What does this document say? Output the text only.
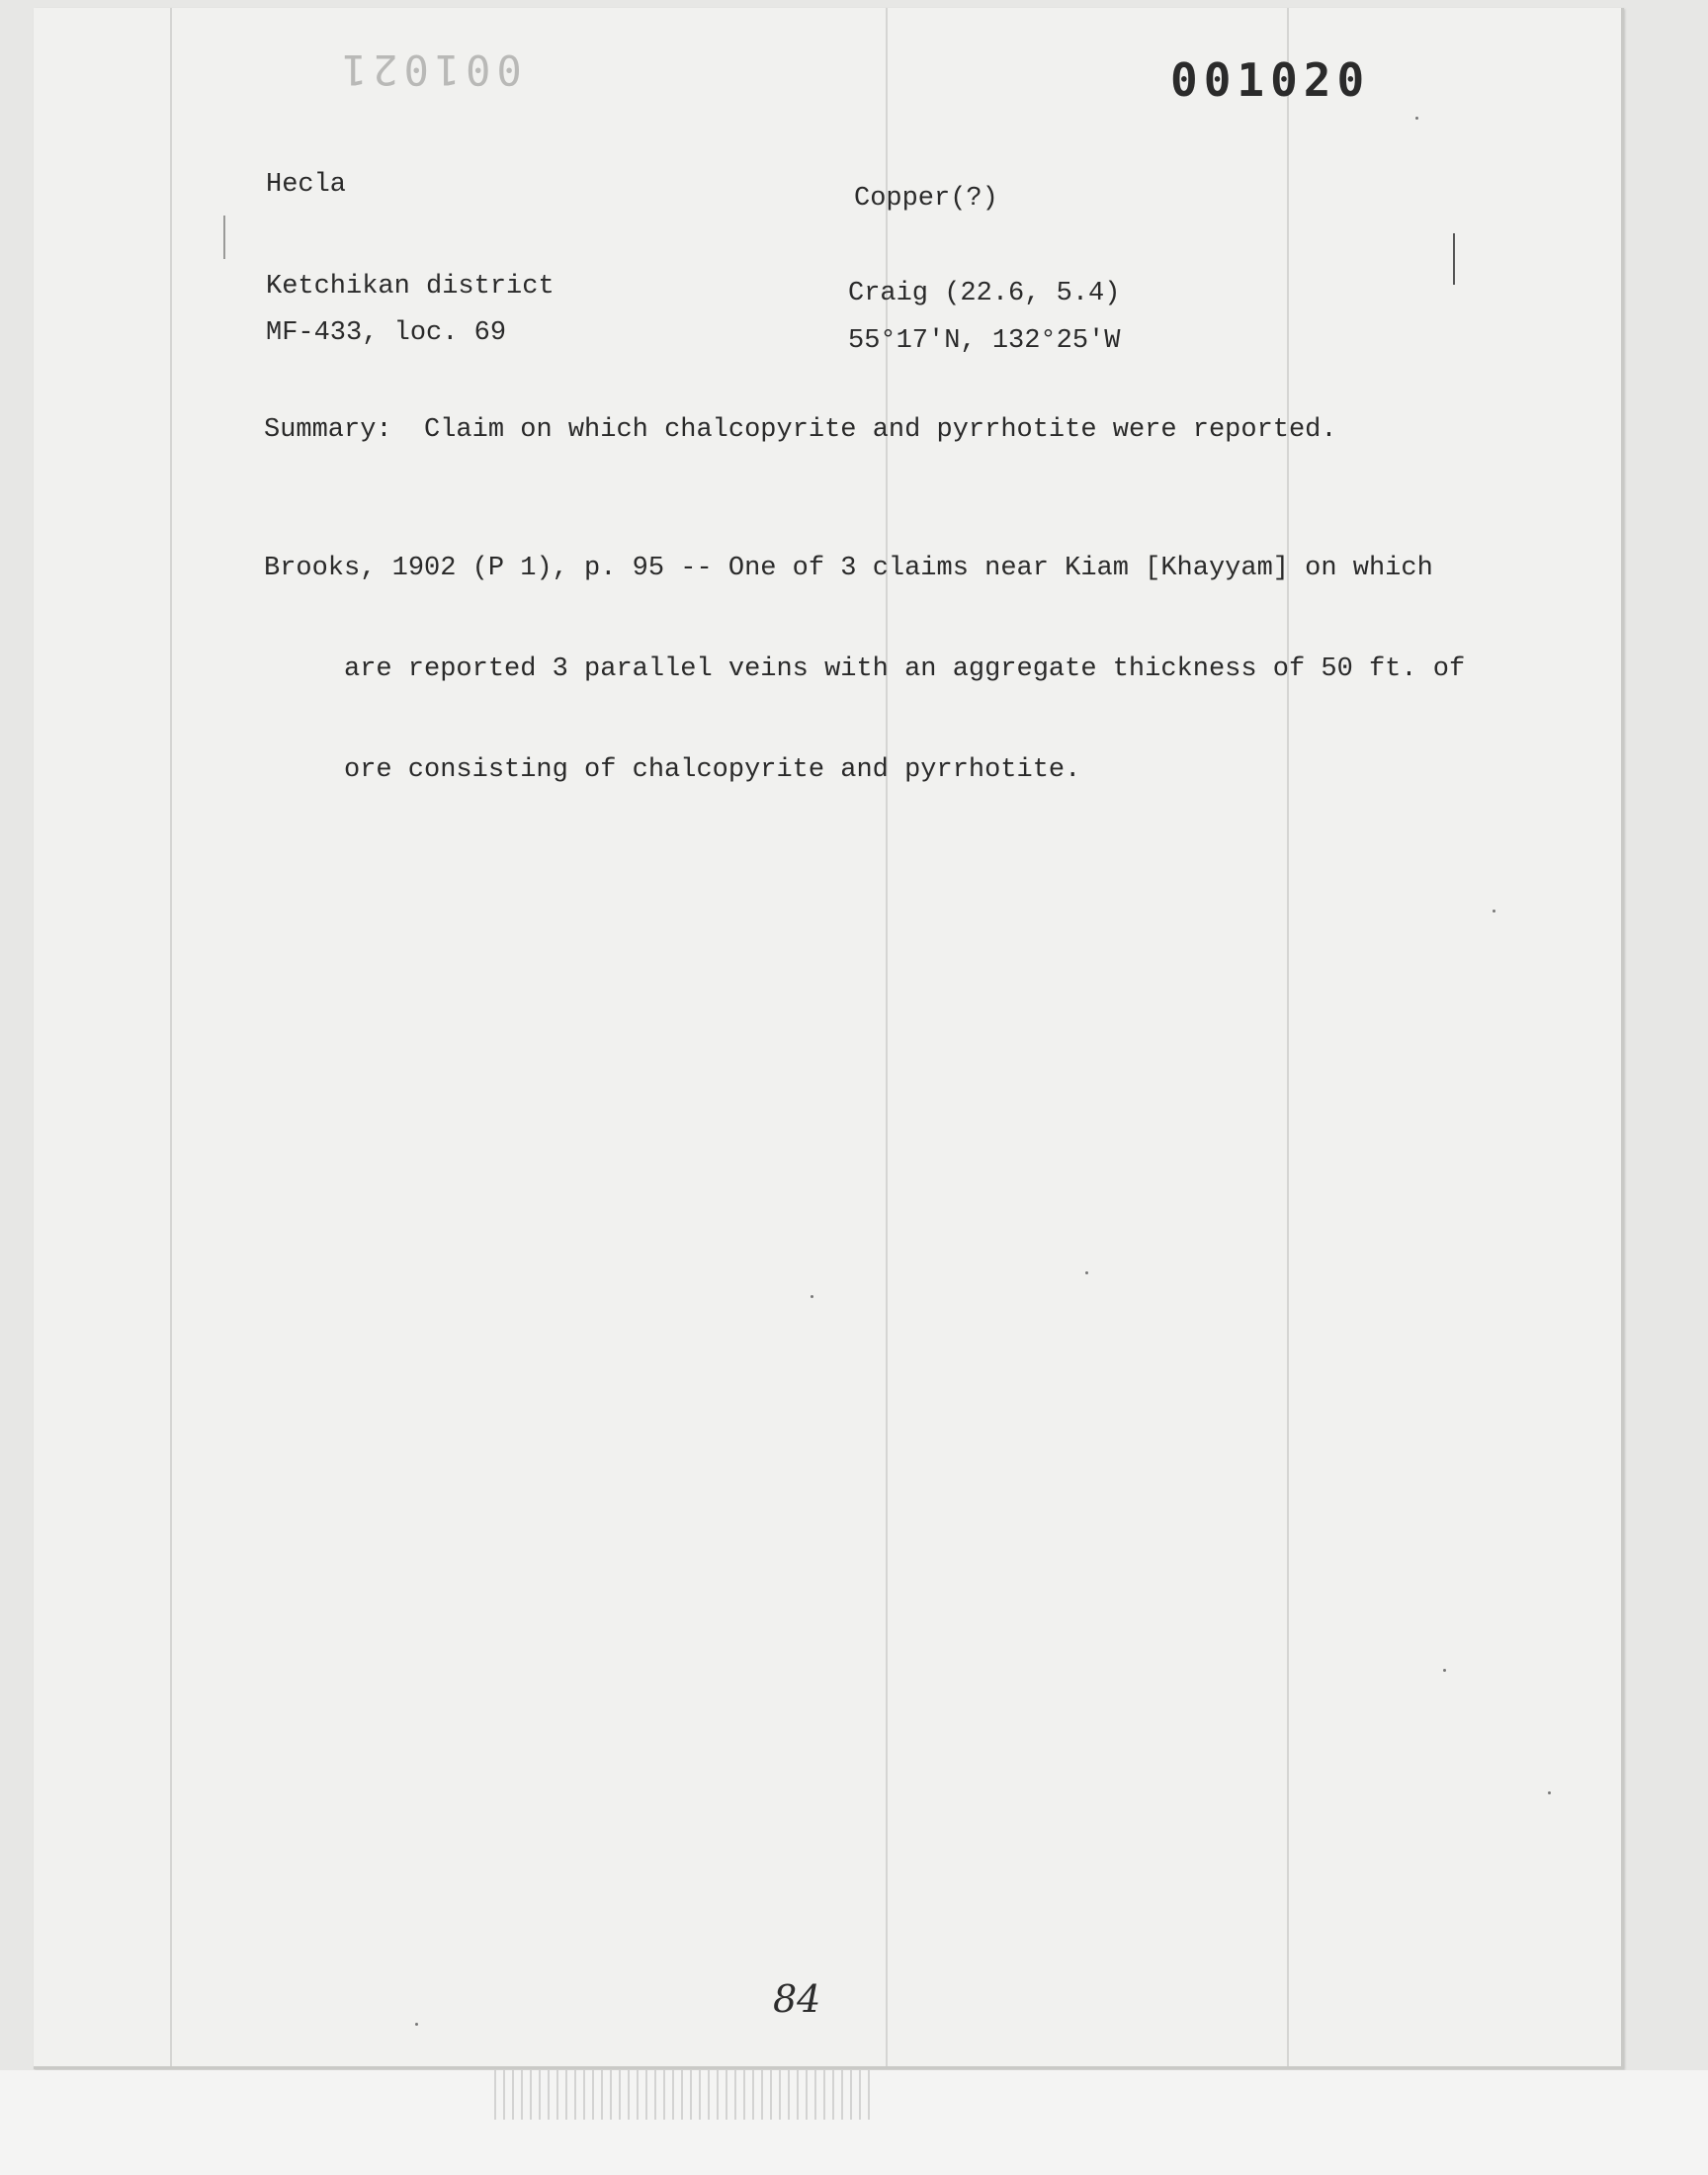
001021	001020
Hecla	Copper(?)
Ketchikan district	Craig (22.6, 5.4)
MF-433, loc. 69	55°17'N, 132°25'W
Summary: Claim on which chalcopyrite and pyrrhotite were reported.

Brooks, 1902 (P 1), p. 95 -- One of 3 claims near Kiam [Khayyam] on which

are reported 3 parallel veins with an aggregate thickness of 50 ft. of

ore consisting of chalcopyrite and pyrrhotite.

84
